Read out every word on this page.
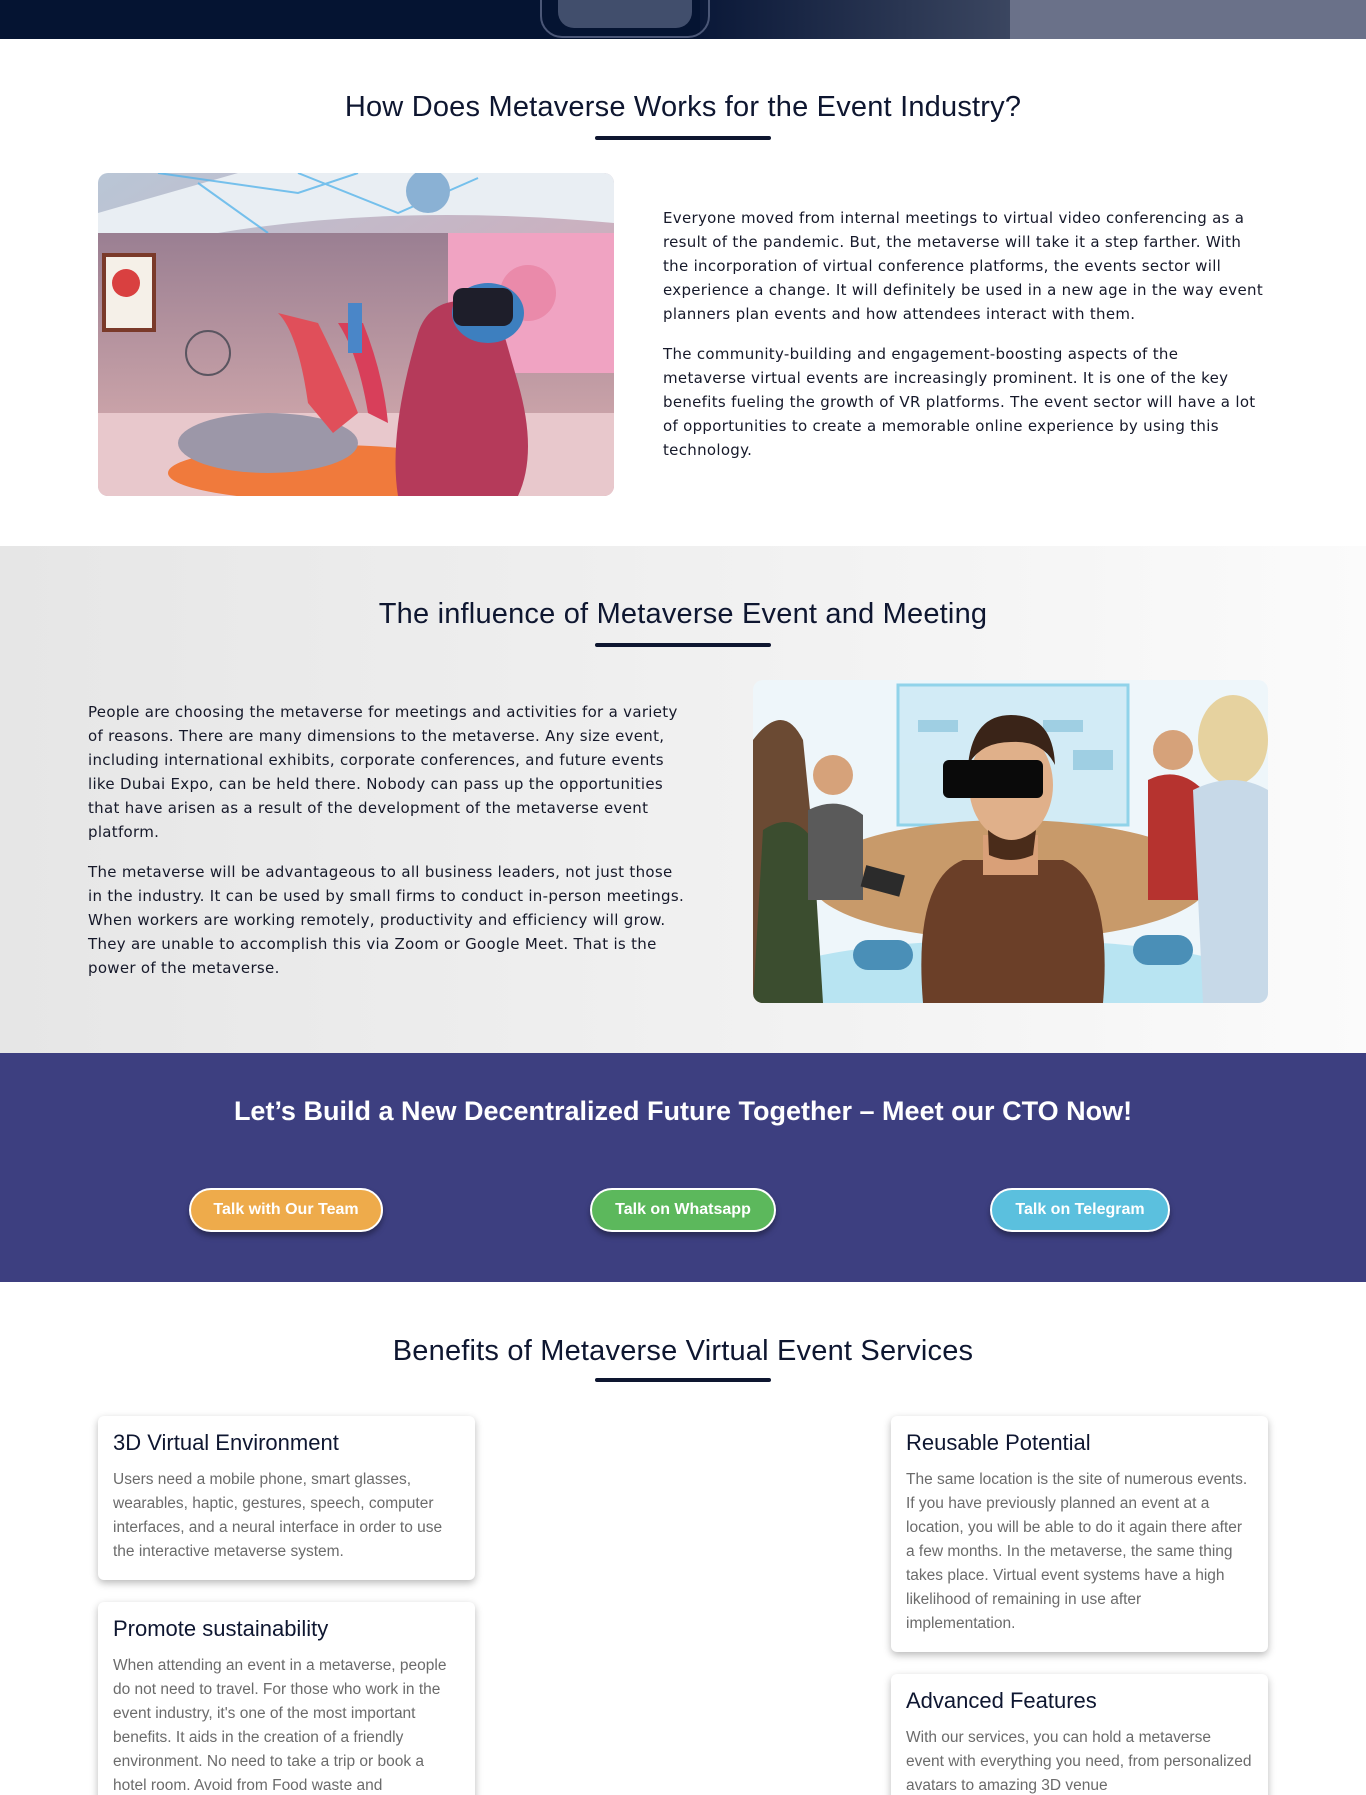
How Does Metaverse Works for the Event Industry?

Everyone moved from internal meetings to virtual video conferencing as a result of the pandemic. But, the metaverse will take it a step farther. With the incorporation of virtual conference platforms, the events sector will experience a change. It will definitely be used in a new age in the way event planners plan events and how attendees interact with them.

The community-building and engagement-boosting aspects of the metaverse virtual events are increasingly prominent. It is one of the key benefits fueling the growth of VR platforms. The event sector will have a lot of opportunities to create a memorable online experience by using this technology.

The influence of Metaverse Event and Meeting

People are choosing the metaverse for meetings and activities for a variety of reasons. There are many dimensions to the metaverse. Any size event, including international exhibits, corporate conferences, and future events like Dubai Expo, can be held there. Nobody can pass up the opportunities that have arisen as a result of the development of the metaverse event platform.

The metaverse will be advantageous to all business leaders, not just those in the industry. It can be used by small firms to conduct in-person meetings. When workers are working remotely, productivity and efficiency will grow. They are unable to accomplish this via Zoom or Google Meet. That is the power of the metaverse.

Let’s Build a New Decentralized Future Together – Meet our CTO Now!
Talk with Our Team	Talk on Whatsapp	Talk on Telegram
Benefits of Metaverse Virtual Event Services
3D Virtual Environment

Users need a mobile phone, smart glasses, wearables, haptic, gestures, speech, computer interfaces, and a neural interface in order to use the interactive metaverse system.

Reusable Potential

The same location is the site of numerous events. If you have previously planned an event at a location, you will be able to do it again there after a few months. In the metaverse, the same thing takes place. Virtual event systems have a high likelihood of remaining in use after implementation.

Promote sustainability

When attending an event in a metaverse, people do not need to travel. For those who work in the event industry, it's one of the most important benefits. It aids in the creation of a friendly environment. No need to take a trip or book a hotel room. Avoid from Food waste and

Advanced Features

With our services, you can hold a metaverse event with everything you need, from personalized avatars to amazing 3D venue
